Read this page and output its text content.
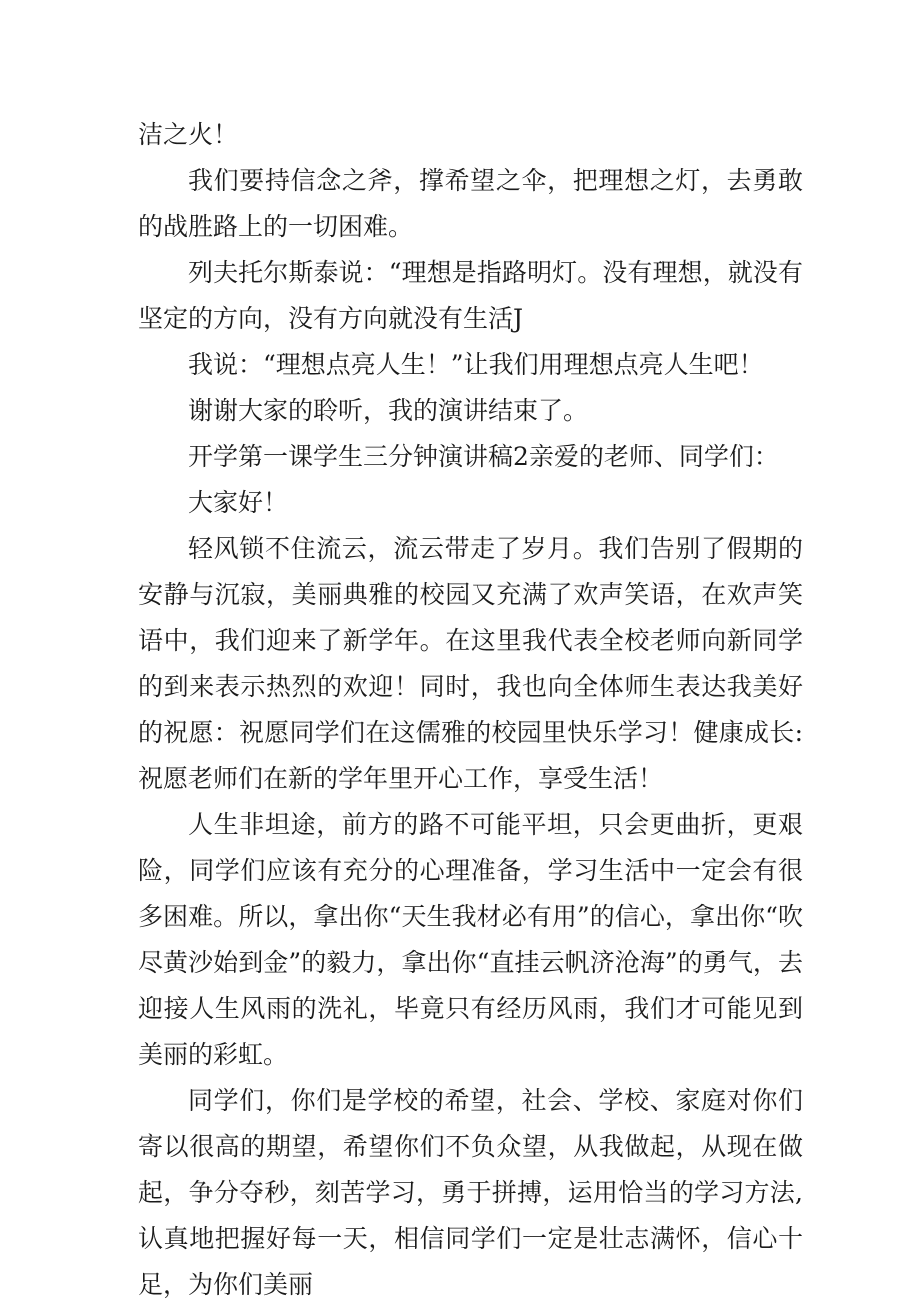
洁之火！

我们要持信念之斧，撑希望之伞，把理想之灯，去勇敢的战胜路上的一切困难。

列夫托尔斯泰说：“理想是指路明灯。没有理想，就没有坚定的方向，没有方向就没有生活J

我说：“理想点亮人生！”让我们用理想点亮人生吧！

谢谢大家的聆听，我的演讲结束了。

开学第一课学生三分钟演讲稿2亲爱的老师、同学们：

大家好！

轻风锁不住流云，流云带走了岁月。我们告别了假期的安静与沉寂，美丽典雅的校园又充满了欢声笑语，在欢声笑语中，我们迎来了新学年。在这里我代表全校老师向新同学的到来表示热烈的欢迎！同时，我也向全体师生表达我美好的祝愿：祝愿同学们在这儒雅的校园里快乐学习！健康成长:祝愿老师们在新的学年里开心工作，享受生活！

人生非坦途，前方的路不可能平坦，只会更曲折，更艰险，同学们应该有充分的心理准备，学习生活中一定会有很多困难。所以，拿出你“天生我材必有用”的信心，拿出你“吹尽黄沙始到金”的毅力，拿出你“直挂云帆济沧海”的勇气，去迎接人生风雨的洗礼，毕竟只有经历风雨，我们才可能见到美丽的彩虹。

同学们，你们是学校的希望，社会、学校、家庭对你们寄以很高的期望，希望你们不负众望，从我做起，从现在做起，争分夺秒，刻苦学习，勇于拼搏，运用恰当的学习方法,认真地把握好每一天，相信同学们一定是壮志满怀，信心十足，为你们美丽
